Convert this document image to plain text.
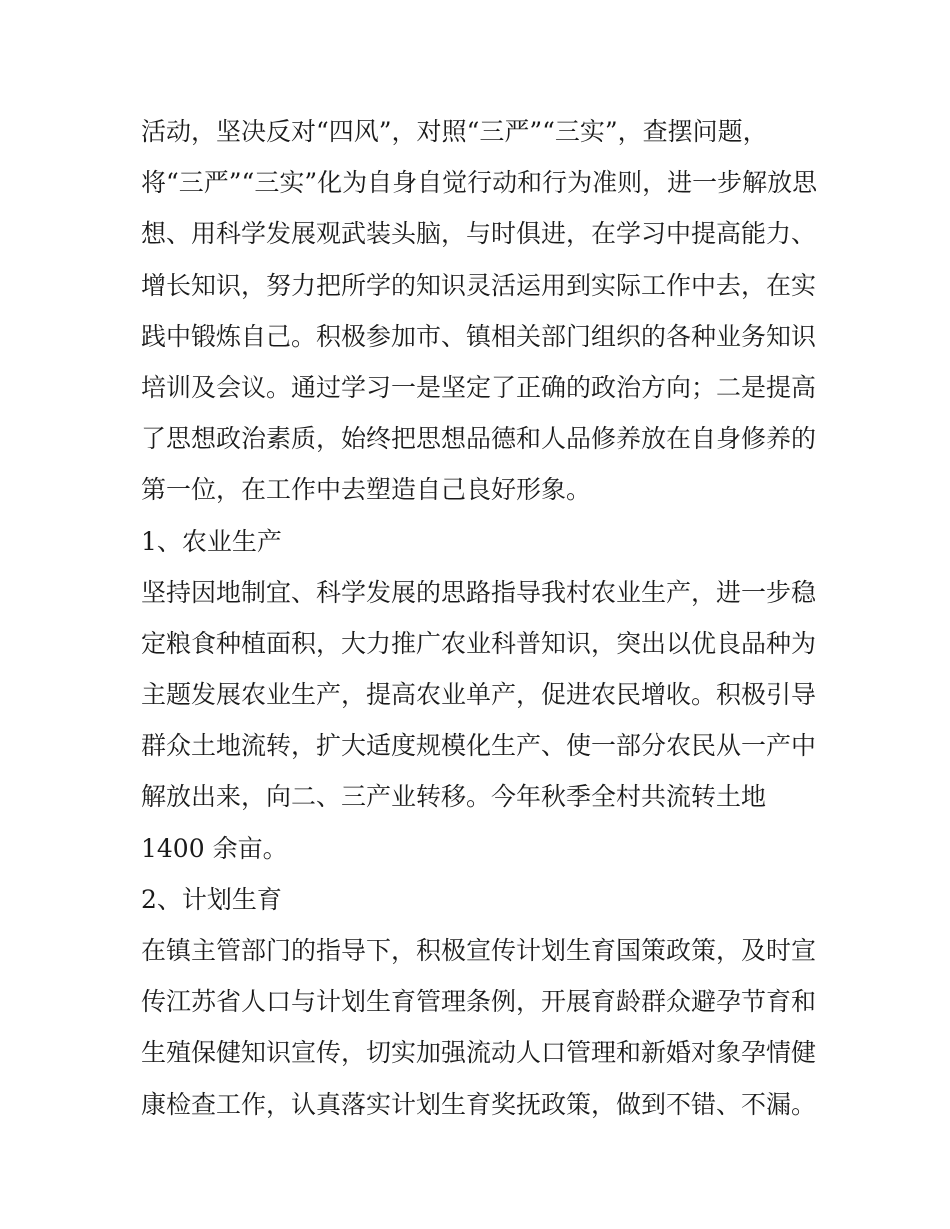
活动，坚决反对“四风”，对照“三严”“三实”，查摆问题，
将“三严”“三实”化为自身自觉行动和行为准则，进一步解放思
想、用科学发展观武装头脑，与时俱进，在学习中提高能力、
增长知识，努力把所学的知识灵活运用到实际工作中去，在实
践中锻炼自己。积极参加市、镇相关部门组织的各种业务知识
培训及会议。通过学习一是坚定了正确的政治方向；二是提高
了思想政治素质，始终把思想品德和人品修养放在自身修养的
第一位，在工作中去塑造自己良好形象。
1、农业生产
坚持因地制宜、科学发展的思路指导我村农业生产，进一步稳
定粮食种植面积，大力推广农业科普知识，突出以优良品种为
主题发展农业生产，提高农业单产，促进农民增收。积极引导
群众土地流转，扩大适度规模化生产、使一部分农民从一产中
解放出来，向二、三产业转移。今年秋季全村共流转土地
1400 余亩。
2、计划生育
在镇主管部门的指导下，积极宣传计划生育国策政策，及时宣
传江苏省人口与计划生育管理条例，开展育龄群众避孕节育和
生殖保健知识宣传，切实加强流动人口管理和新婚对象孕情健
康检查工作，认真落实计划生育奖抚政策，做到不错、不漏。
